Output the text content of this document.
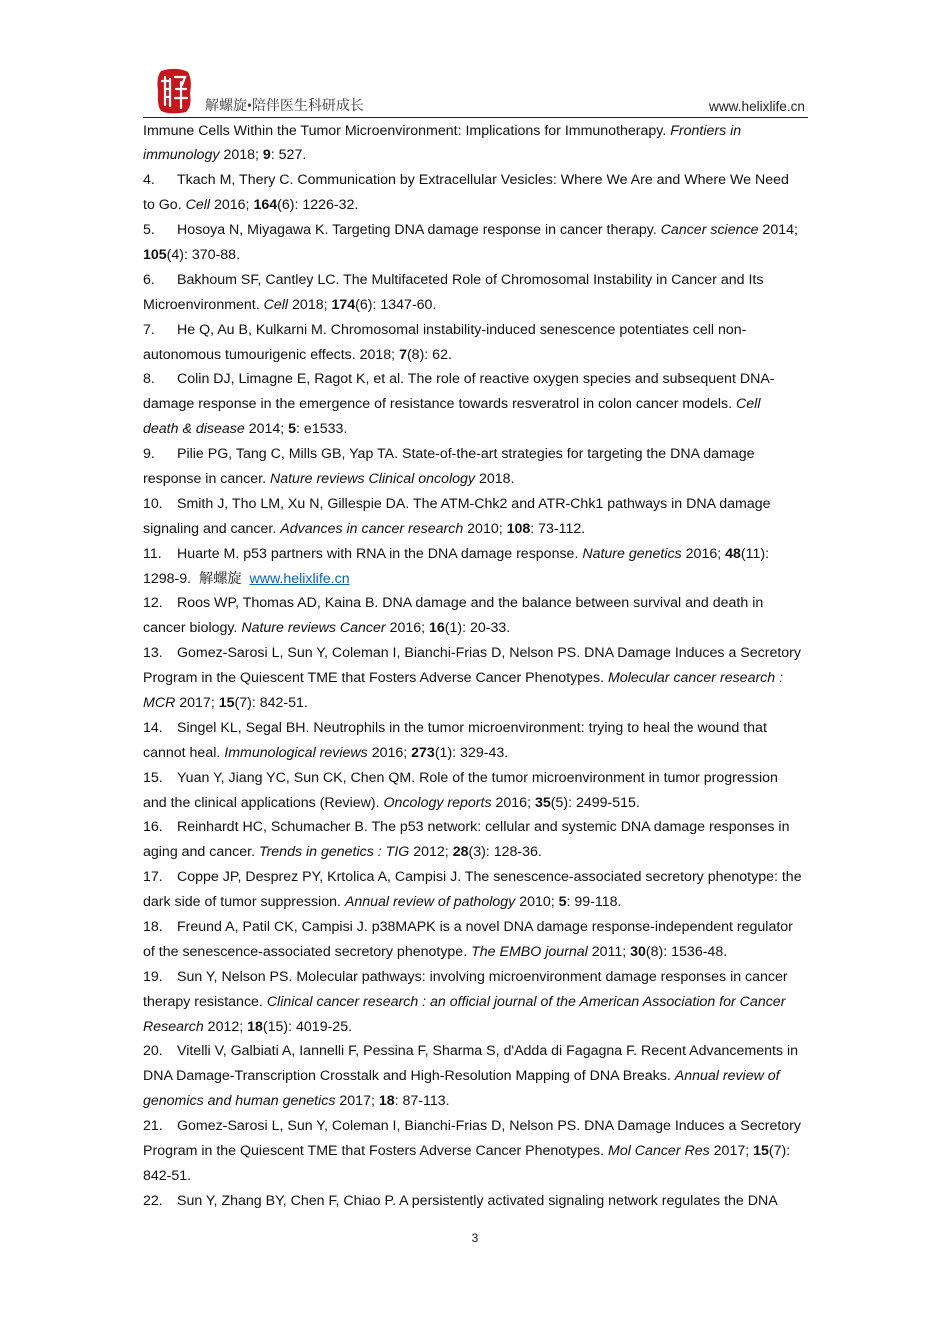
解螺旋•陪伴医生科研成长	www.helixlife.cn
Immune Cells Within the Tumor Microenvironment: Implications for Immunotherapy. Frontiers in
immunology 2018; 9: 527.
4. Tkach M, Thery C. Communication by Extracellular Vesicles: Where We Are and Where We Need
to Go. Cell 2016; 164(6): 1226-32.
5. Hosoya N, Miyagawa K. Targeting DNA damage response in cancer therapy. Cancer science 2014;
105(4): 370-88.
6. Bakhoum SF, Cantley LC. The Multifaceted Role of Chromosomal Instability in Cancer and Its
Microenvironment. Cell 2018; 174(6): 1347-60.
7. He Q, Au B, Kulkarni M. Chromosomal instability-induced senescence potentiates cell non-
autonomous tumourigenic effects. 2018; 7(8): 62.
8. Colin DJ, Limagne E, Ragot K, et al. The role of reactive oxygen species and subsequent DNA-
damage response in the emergence of resistance towards resveratrol in colon cancer models. Cell
death & disease 2014; 5: e1533.
9. Pilie PG, Tang C, Mills GB, Yap TA. State-of-the-art strategies for targeting the DNA damage
response in cancer. Nature reviews Clinical oncology 2018.
10. Smith J, Tho LM, Xu N, Gillespie DA. The ATM-Chk2 and ATR-Chk1 pathways in DNA damage
signaling and cancer. Advances in cancer research 2010; 108: 73-112.
11. Huarte M. p53 partners with RNA in the DNA damage response. Nature genetics 2016; 48(11):
1298-9.  解螺旋  www.helixlife.cn
12. Roos WP, Thomas AD, Kaina B. DNA damage and the balance between survival and death in
cancer biology. Nature reviews Cancer 2016; 16(1): 20-33.
13. Gomez-Sarosi L, Sun Y, Coleman I, Bianchi-Frias D, Nelson PS. DNA Damage Induces a Secretory
Program in the Quiescent TME that Fosters Adverse Cancer Phenotypes. Molecular cancer research :
MCR 2017; 15(7): 842-51.
14. Singel KL, Segal BH. Neutrophils in the tumor microenvironment: trying to heal the wound that
cannot heal. Immunological reviews 2016; 273(1): 329-43.
15. Yuan Y, Jiang YC, Sun CK, Chen QM. Role of the tumor microenvironment in tumor progression
and the clinical applications (Review). Oncology reports 2016; 35(5): 2499-515.
16. Reinhardt HC, Schumacher B. The p53 network: cellular and systemic DNA damage responses in
aging and cancer. Trends in genetics : TIG 2012; 28(3): 128-36.
17. Coppe JP, Desprez PY, Krtolica A, Campisi J. The senescence-associated secretory phenotype: the
dark side of tumor suppression. Annual review of pathology 2010; 5: 99-118.
18. Freund A, Patil CK, Campisi J. p38MAPK is a novel DNA damage response-independent regulator
of the senescence-associated secretory phenotype. The EMBO journal 2011; 30(8): 1536-48.
19. Sun Y, Nelson PS. Molecular pathways: involving microenvironment damage responses in cancer
therapy resistance. Clinical cancer research : an official journal of the American Association for Cancer
Research 2012; 18(15): 4019-25.
20. Vitelli V, Galbiati A, Iannelli F, Pessina F, Sharma S, d'Adda di Fagagna F. Recent Advancements in
DNA Damage-Transcription Crosstalk and High-Resolution Mapping of DNA Breaks. Annual review of
genomics and human genetics 2017; 18: 87-113.
21. Gomez-Sarosi L, Sun Y, Coleman I, Bianchi-Frias D, Nelson PS. DNA Damage Induces a Secretory
Program in the Quiescent TME that Fosters Adverse Cancer Phenotypes. Mol Cancer Res 2017; 15(7):
842-51.
22. Sun Y, Zhang BY, Chen F, Chiao P. A persistently activated signaling network regulates the DNA
3
